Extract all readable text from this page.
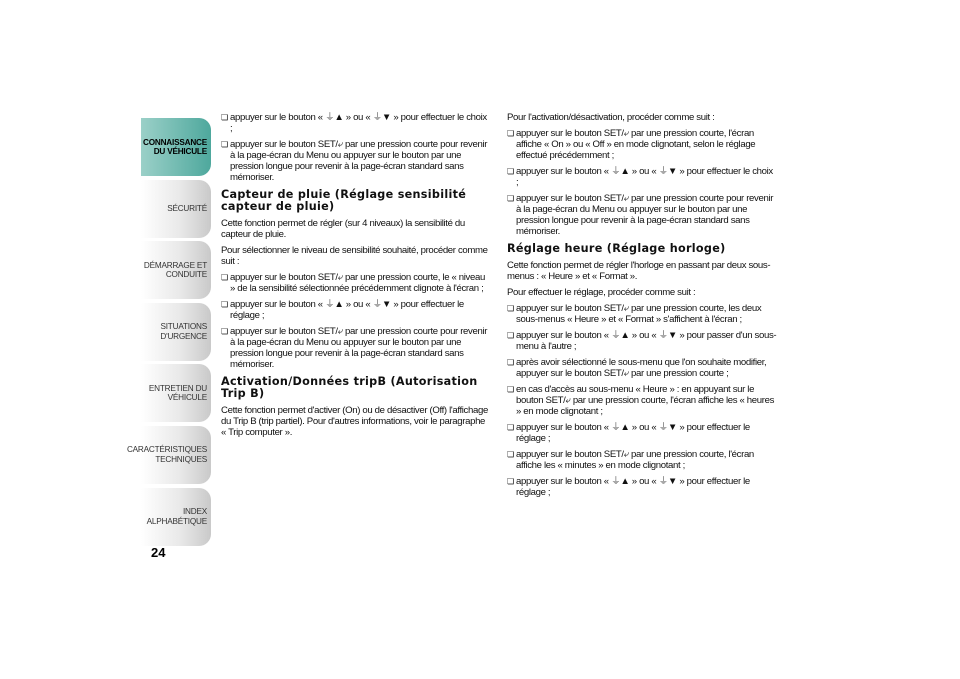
CONNAISSANCE
DU VÉHICULE
SÉCURITÉ
DÉMARRAGE ET
CONDUITE
SITUATIONS
D'URGENCE
ENTRETIEN DU
VÉHICULE
CARACTÉRISTIQUES
TECHNIQUES
INDEX
ALPHABÉTIQUE
24

❏ appuyer sur le bouton « ⏚▲ » ou « ⏚▼ » pour effectuer le choix ;

❏ appuyer sur le bouton SET/⤶ par une pression courte pour revenir à la page-écran du Menu ou appuyer sur le bouton par une pression longue pour revenir à la page-écran standard sans mémoriser.

Capteur de pluie (Réglage sensibilité capteur de pluie)

Cette fonction permet de régler (sur 4 niveaux) la sensibilité du capteur de pluie.

Pour sélectionner le niveau de sensibilité souhaité, procéder comme suit :

❏ appuyer sur le bouton SET/⤶ par une pression courte, le « niveau » de la sensibilité sélectionnée précédemment clignote à l'écran ;

❏ appuyer sur le bouton « ⏚▲ » ou « ⏚▼ » pour effectuer le réglage ;

❏ appuyer sur le bouton SET/⤶ par une pression courte pour revenir à la page-écran du Menu ou appuyer sur le bouton par une pression longue pour revenir à la page-écran standard sans mémoriser.

Activation/Données tripB (Autorisation Trip B)

Cette fonction permet d'activer (On) ou de désactiver (Off) l'affichage du Trip B (trip partiel). Pour d'autres informations, voir le paragraphe « Trip computer ».

Pour l'activation/désactivation, procéder comme suit :

❏ appuyer sur le bouton SET/⤶ par une pression courte, l'écran affiche « On » ou « Off » en mode clignotant, selon le réglage effectué précédemment ;

❏ appuyer sur le bouton « ⏚▲ » ou « ⏚▼ » pour effectuer le choix ;

❏ appuyer sur le bouton SET/⤶ par une pression courte pour revenir à la page-écran du Menu ou appuyer sur le bouton par une pression longue pour revenir à la page-écran standard sans mémoriser.

Réglage heure (Réglage horloge)

Cette fonction permet de régler l'horloge en passant par deux sous-menus : « Heure » et « Format ».

Pour effectuer le réglage, procéder comme suit :

❏ appuyer sur le bouton SET/⤶ par une pression courte, les deux sous-menus « Heure » et « Format » s'affichent à l'écran ;

❏ appuyer sur le bouton « ⏚▲ » ou « ⏚▼ » pour passer d'un sous-menu à l'autre ;

❏ après avoir sélectionné le sous-menu que l'on souhaite modifier, appuyer sur le bouton SET/⤶ par une pression courte ;

❏ en cas d'accès au sous-menu « Heure » : en appuyant sur le bouton SET/⤶ par une pression courte, l'écran affiche les « heures » en mode clignotant ;

❏ appuyer sur le bouton « ⏚▲ » ou « ⏚▼ » pour effectuer le réglage ;

❏ appuyer sur le bouton SET/⤶ par une pression courte, l'écran affiche les « minutes » en mode clignotant ;

❏ appuyer sur le bouton « ⏚▲ » ou « ⏚▼ » pour effectuer le réglage ;
